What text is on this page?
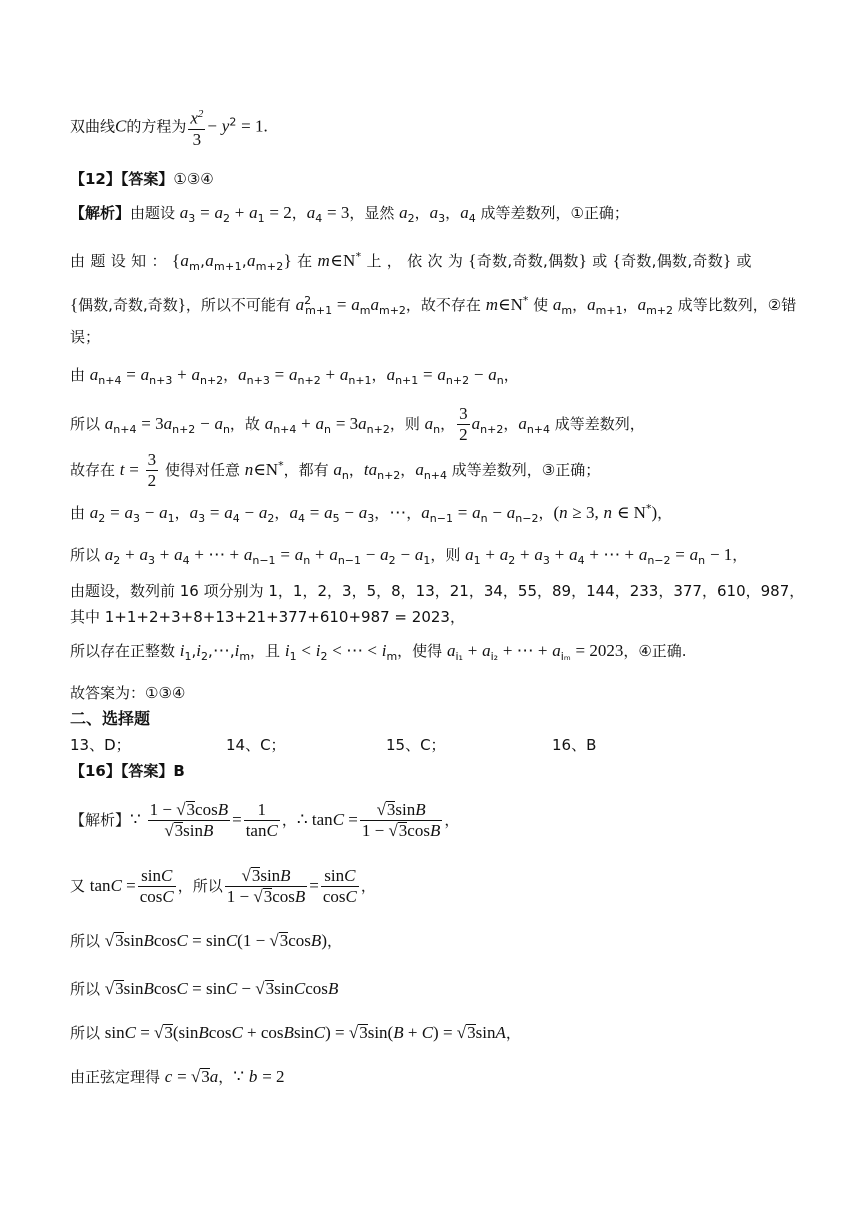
双曲线C的方程为 $\frac{x^2}{3} - y^2 = 1$.
【12】【答案】①③④
【解析】由题设 $a_3 = a_2 + a_1 = 2$，$a_4 = 3$，显然 $a_2$，$a_3$，$a_4$ 成等差数列，①正确；
由 题 设 知 ： $\{a_m,a_{m+1},a_{m+2}\}$ 在 m∈N* 上 ， 依 次 为 {奇数,奇数,偶数} 或 {奇数,偶数,奇数} 或
{偶数,奇数,奇数}，所以不可能有 $a^2_{m+1} = a_ma_{m+2}$，故不存在 m∈N* 使 $a_m$，$a_{m+1}$，$a_{m+2}$ 成等比数列，②错
误；
由 $a_{n+4} = a_{n+3} + a_{n+2}$，$a_{n+3} = a_{n+2} + a_{n+1}$，$a_{n+1} = a_{n+2} - a_n$，
所以 $a_{n+4} = 3a_{n+2} - a_n$，故 $a_{n+4} + a_n = 3a_{n+2}$，则 $a_n$， $\frac{3}{2} a_{n+2}$，$a_{n+4}$ 成等差数列，
故存在 $t = \frac{3}{2}$ 使得对任意 n∈N*，都有 $a_n$，$ta_{n+2}$，$a_{n+4}$ 成等差数列，③正确；
由 $a_2 = a_3 - a_1$，$a_3 = a_4 - a_2$，$a_4 = a_5 - a_3$，⋯，$a_{n-1} = a_n - a_{n-2}$，(n ≥ 3, n ∈ N*)，
所以 $a_2 + a_3 + a_4$ + ⋯ + $a_{n-1} = a_n + a_{n-1} - a_2 - a_1$，则 $a_1 + a_2 + a_3 + a_4$ + ⋯ + $a_{n-2} = a_n - 1$，
由题设，数列前 16 项分别为 1，1，2，3，5，8，13，21，34，55，89，144，233，377，610，987，
其中 1+1+2+3+8+13+21+377+610+987 = 2023，
所以存在正整数 $i_1,i_2,\cdots,i_m$，且 $i_1 < i_2$ < ⋯ < $i_m$，使得 $a_{i_1} + a_{i_2}$ + ⋯ + $a_{i_m} = 2023$，④正确.
故答案为：①③④
二、选择题
13、D；	14、C；	15、C；	16、B
【16】【答案】B
【解析】∵ $\frac{1 - √3\cos B}{√3\sin B} = \frac{1}{\tan C}$ ，∴ $\tan C = \frac{√3\sin B}{1 - √3\cos B}$ ，
又 $\tan C = \frac{\sin C}{\cos C}$ ，所以 $\frac{√3\sin B}{1 - √3\cos B} = \frac{\sin C}{\cos C}$ ，
所以 √3sinBcosC = sinC(1 − √3cosB)，
所以 √3sinBcosC = sinC − √3sinCcosB
所以 sinC = √3(sinBcosC + cosBsinC) = √3sin(B + C) = √3sinA，
由正弦定理得 c = √3a，∵ b = 2
